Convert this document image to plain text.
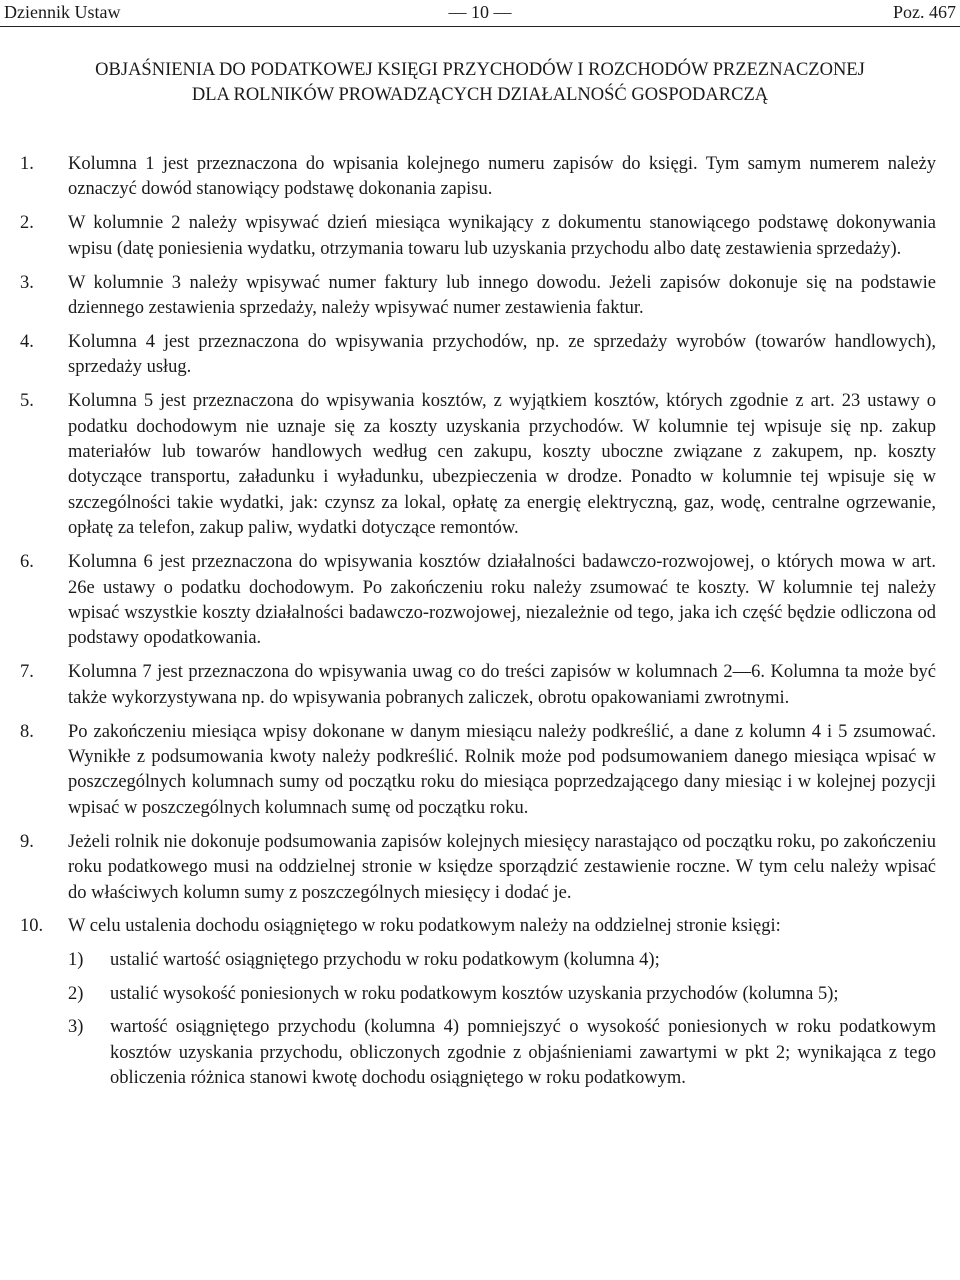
Dziennik Ustaw	— 10 —	Poz. 467
OBJAŚNIENIA DO PODATKOWEJ KSIĘGI PRZYCHODÓW I ROZCHODÓW PRZEZNACZONEJ
DLA ROLNIKÓW PROWADZĄCYCH DZIAŁALNOŚĆ GOSPODARCZĄ
1. Kolumna 1 jest przeznaczona do wpisania kolejnego numeru zapisów do księgi. Tym samym numerem należy oznaczyć dowód stanowiący podstawę dokonania zapisu.
2. W kolumnie 2 należy wpisywać dzień miesiąca wynikający z dokumentu stanowiącego podstawę dokonywania wpisu (datę poniesienia wydatku, otrzymania towaru lub uzyskania przychodu albo datę zestawienia sprzedaży).
3. W kolumnie 3 należy wpisywać numer faktury lub innego dowodu. Jeżeli zapisów dokonuje się na podstawie dziennego zestawienia sprzedaży, należy wpisywać numer zestawienia faktur.
4. Kolumna 4 jest przeznaczona do wpisywania przychodów, np. ze sprzedaży wyrobów (towarów handlowych), sprzedaży usług.
5. Kolumna 5 jest przeznaczona do wpisywania kosztów, z wyjątkiem kosztów, których zgodnie z art. 23 ustawy o podatku dochodowym nie uznaje się za koszty uzyskania przychodów. W kolumnie tej wpisuje się np. zakup materiałów lub towarów handlowych według cen zakupu, koszty uboczne związane z zakupem, np. koszty dotyczące transportu, załadunku i wyładunku, ubezpieczenia w drodze. Ponadto w kolumnie tej wpisuje się w szczególności takie wydatki, jak: czynsz za lokal, opłatę za energię elektryczną, gaz, wodę, centralne ogrzewanie, opłatę za telefon, zakup paliw, wydatki dotyczące remontów.
6. Kolumna 6 jest przeznaczona do wpisywania kosztów działalności badawczo-rozwojowej, o których mowa w art. 26e ustawy o podatku dochodowym. Po zakończeniu roku należy zsumować te koszty. W kolumnie tej należy wpisać wszystkie koszty działalności badawczo-rozwojowej, niezależnie od tego, jaka ich część będzie odliczona od podstawy opodatkowania.
7. Kolumna 7 jest przeznaczona do wpisywania uwag co do treści zapisów w kolumnach 2—6. Kolumna ta może być także wykorzystywana np. do wpisywania pobranych zaliczek, obrotu opakowaniami zwrotnymi.
8. Po zakończeniu miesiąca wpisy dokonane w danym miesiącu należy podkreślić, a dane z kolumn 4 i 5 zsumować. Wynikłe z podsumowania kwoty należy podkreślić. Rolnik może pod podsumowaniem danego miesiąca wpisać w poszczególnych kolumnach sumy od początku roku do miesiąca poprzedzającego dany miesiąc i w kolejnej pozycji wpisać w poszczególnych kolumnach sumę od początku roku.
9. Jeżeli rolnik nie dokonuje podsumowania zapisów kolejnych miesięcy narastająco od początku roku, po zakończeniu roku podatkowego musi na oddzielnej stronie w księdze sporządzić zestawienie roczne. W tym celu należy wpisać do właściwych kolumn sumy z poszczególnych miesięcy i dodać je.
10. W celu ustalenia dochodu osiągniętego w roku podatkowym należy na oddzielnej stronie księgi:
1) ustalić wartość osiągniętego przychodu w roku podatkowym (kolumna 4);
2) ustalić wysokość poniesionych w roku podatkowym kosztów uzyskania przychodów (kolumna 5);
3) wartość osiągniętego przychodu (kolumna 4) pomniejszyć o wysokość poniesionych w roku podatkowym kosztów uzyskania przychodu, obliczonych zgodnie z objaśnieniami zawartymi w pkt 2; wynikająca z tego obliczenia różnica stanowi kwotę dochodu osiągniętego w roku podatkowym.
